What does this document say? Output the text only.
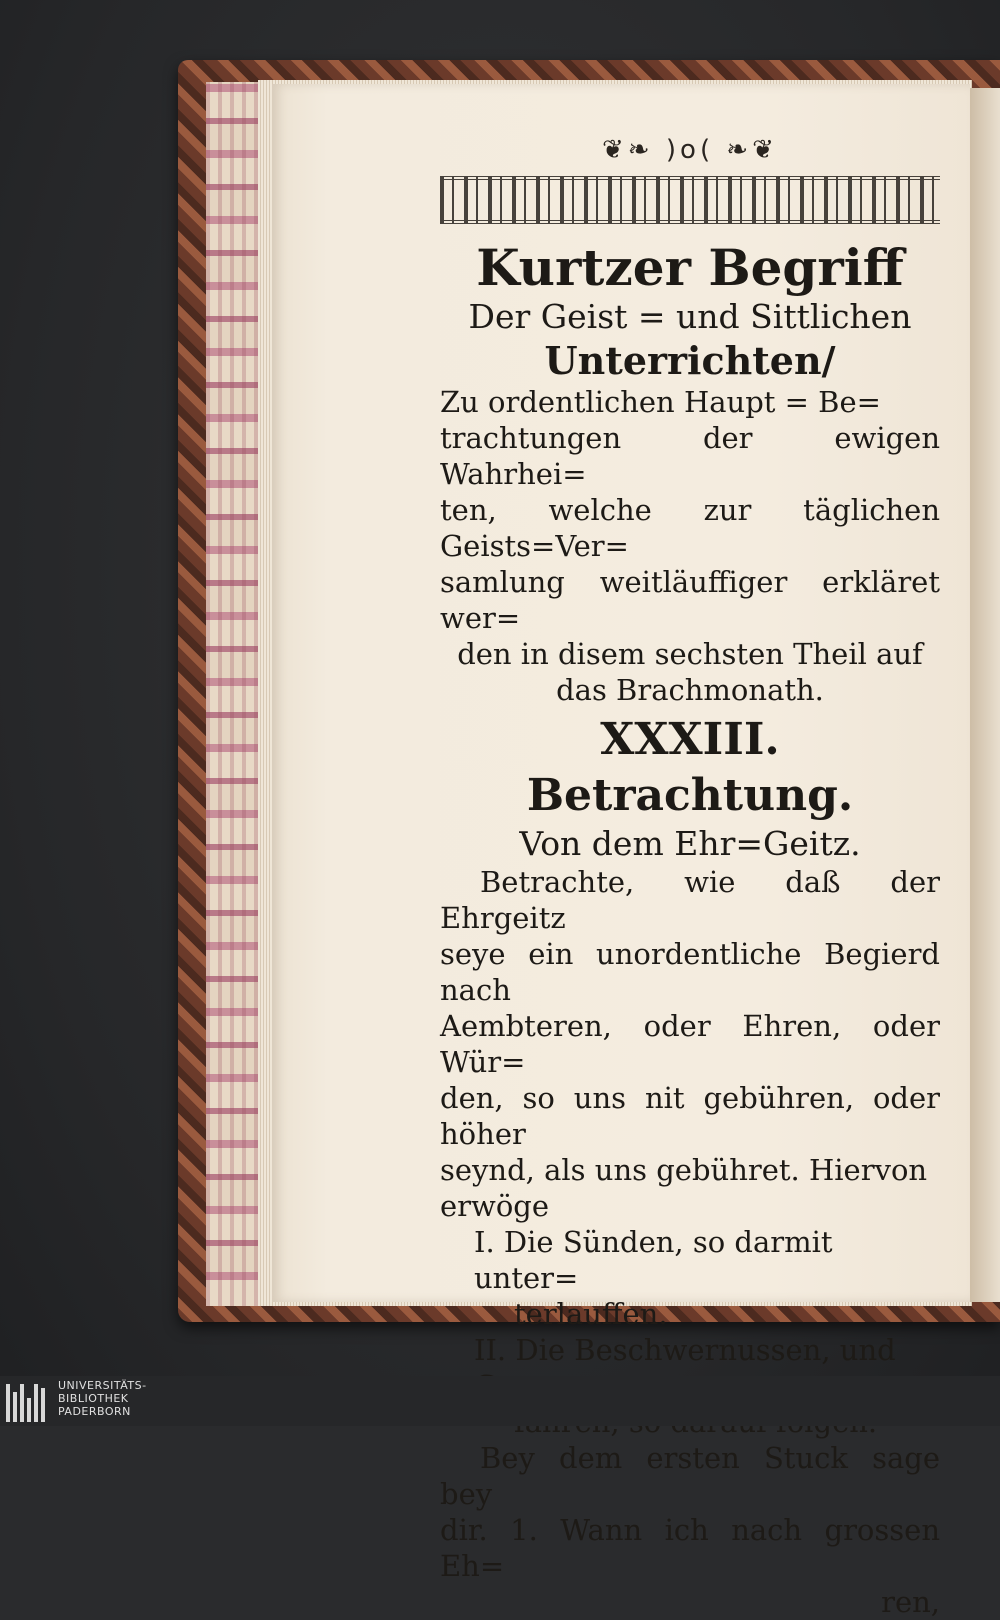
❦❧ )o( ❧❦
Kurtzer Begriff
Der Geist = und Sittlichen
Unterrichten/
Zu ordentlichen Haupt = Be=
trachtungen der ewigen Wahrhei=
ten, welche zur täglichen Geists=Ver=
samlung weitläuffiger erkläret wer=
den in disem sechsten Theil auf
das Brachmonath.
XXXIII. Betrachtung.
Von dem Ehr=Geitz.
Betrachte, wie daß der Ehrgeitz
seye ein unordentliche Begierd nach
Aembteren, oder Ehren, oder Wür=
den, so uns nit gebühren, oder höher
seynd, als uns gebühret. Hiervon
erwöge
I. Die Sünden, so darmit unter=
terlauffen.
II. Die Beschwernussen, und
Bey dem ersten Stuck sage bey
dir. 1. Wann ich nach grossen Eh=
ren,
UNIVERSITÄTS-
BIBLIOTHEK
PADERBORN
